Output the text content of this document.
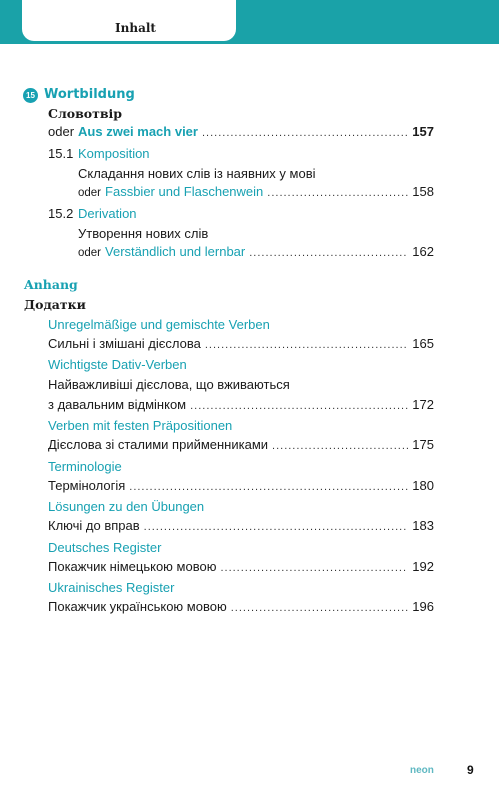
Inhalt
15 Wortbildung
Словотвір
oder Aus zwei mach vier .....	157
15.1 Komposition
Складання нових слів із наявних у мові
oder Fassbier und Flaschenwein .....	158
15.2 Derivation
Утворення нових слів
oder Verständlich und lernbar .....	162
Anhang
Додатки
Unregelmäßige und gemischte Verben
Сильні і змішані дієслова .....	165
Wichtigste Dativ-Verben
Найважливіші дієслова, що вживаються
з давальним відмінком .....	172
Verben mit festen Präpositionen
Дієслова зі сталими прийменниками .....	175
Terminologie
Термінологія .....	180
Lösungen zu den Übungen
Ключі до вправ .....	183
Deutsches Register
Покажчик німецькою мовою .....	192
Ukrainisches Register
Покажчик українською мовою .....	196
neon	9
